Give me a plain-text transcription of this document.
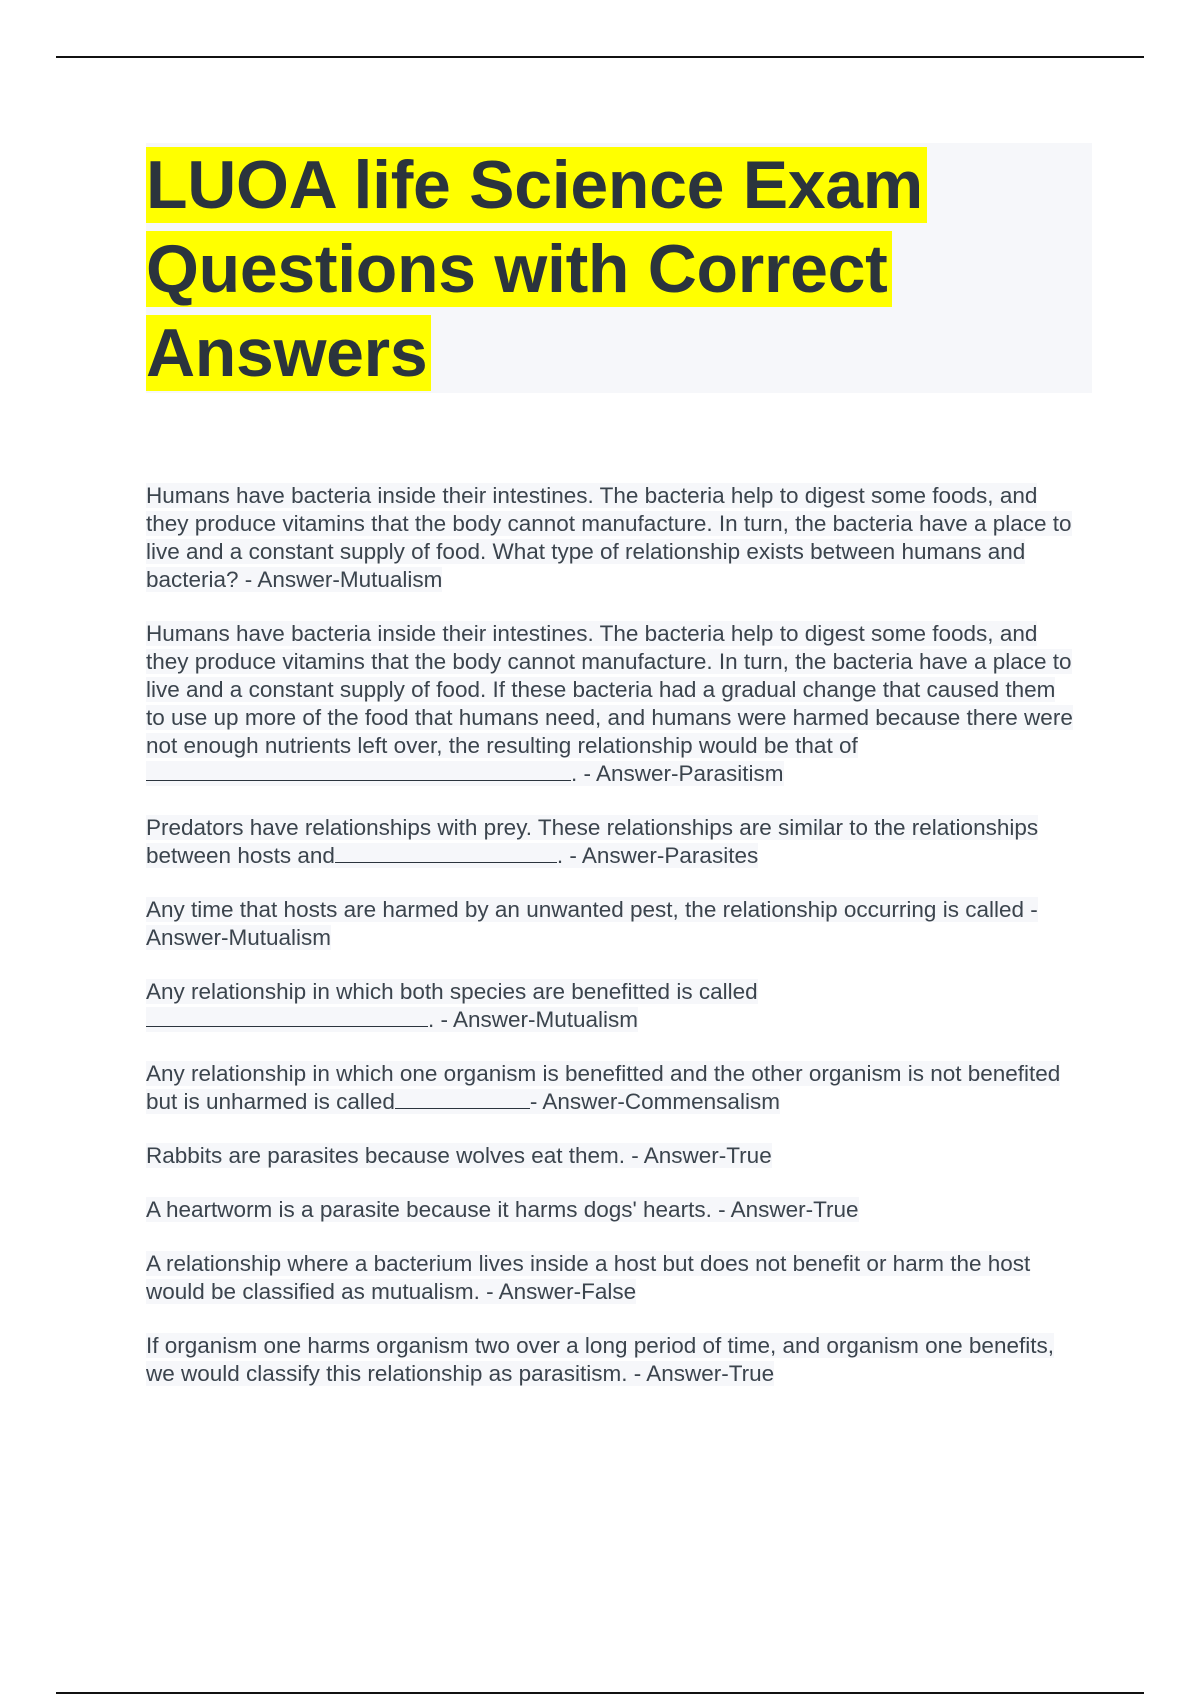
LUOA life Science Exam
Questions with Correct
Answers

Humans have bacteria inside their intestines. The bacteria help to digest some foods, and they produce vitamins that the body cannot manufacture. In turn, the bacteria have a place to live and a constant supply of food. What type of relationship exists between humans and bacteria? - Answer-Mutualism

Humans have bacteria inside their intestines. The bacteria help to digest some foods, and they produce vitamins that the body cannot manufacture. In turn, the bacteria have a place to live and a constant supply of food. If these bacteria had a gradual change that caused them to use up more of the food that humans need, and humans were harmed because there were not enough nutrients left over, the resulting relationship would be that of. - Answer-Parasitism

Predators have relationships with prey. These relationships are similar to the relationships between hosts and	. - Answer-Parasites

Any time that hosts are harmed by an unwanted pest, the relationship occurring is called - Answer-Mutualism

Any relationship in which both species are benefitted is called
. - Answer-Mutualism

Any relationship in which one organism is benefitted and the other organism is not benefited but is unharmed is called	- Answer-Commensalism

Rabbits are parasites because wolves eat them. - Answer-True

A heartworm is a parasite because it harms dogs' hearts. - Answer-True

A relationship where a bacterium lives inside a host but does not benefit or harm the host would be classified as mutualism. - Answer-False

If organism one harms organism two over a long period of time, and organism one benefits, we would classify this relationship as parasitism. - Answer-True
